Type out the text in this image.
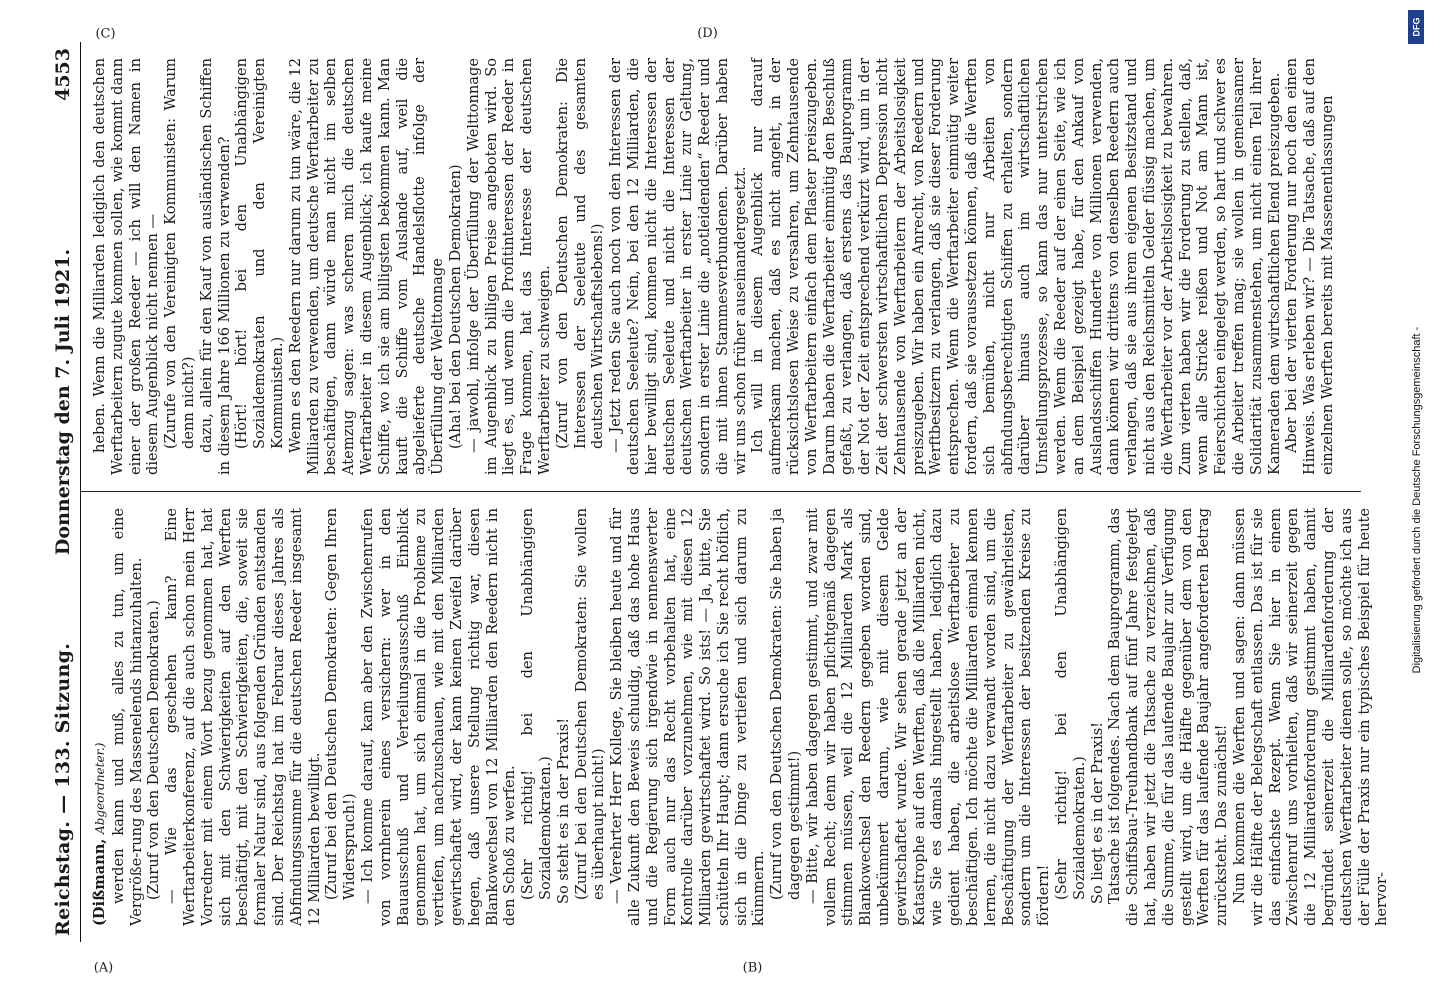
Reichstag. — 133. Sitzung.
Donnerstag den 7. Juli 1921.
4553

(Dißmann, Abgeordneter.) werden kann und muß, alles zu tun, um eine Vergröße-rung des Massenelends hintanzuhalten. (Zuruf von den Deutschen Demokraten.) — Wie das geschehen kann? Eine Werftarbeiterkonferenz, auf die auch schon mein Herr Vorredner mit einem Wort bezug genommen hat, hat sich mit den Schwierigkeiten auf den Werften beschäftigt, mit den Schwierigkeiten, die, soweit sie formaler Natur sind, aus folgenden Gründen entstanden sind. Der Reichstag hat im Februar dieses Jahres als Abfindungssumme für die deutschen Reeder insgesamt 12 Milliarden bewilligt. (Zuruf bei den Deutschen Demokraten: Gegen Ihren Widerspruch!) — Ich komme darauf, kam aber den Zwischenrufen von vornherein eines versichern: wer in den Bauausschuß und Verteilungsausschuß Einblick genommen hat, um sich einmal in die Probleme zu vertiefen, um nachzuschauen, wie mit den Milliarden gewirtschaftet wird, der kann keinen Zweifel darüber hegen, daß unsere Stellung richtig war, diesen Blankowechsel von 12 Milliarden den Reedern nicht in den Schoß zu werfen. (Sehr richtig! bei den Unabhängigen Sozialdemokraten.) So steht es in der Praxis! (Zuruf bei den Deutschen Demokraten: Sie wollen es überhaupt nicht!) — Verehrter Herr Kollege, Sie bleiben heute und für alle Zukunft den Beweis schuldig, daß das hohe Haus und die Regierung sich irgendwie in nennenswerter Form auch nur das Recht vorbehalten hat, eine Kontrolle darüber vorzunehmen, wie mit diesen 12 Milliarden gewirtschaftet wird. So ists! — Ja, bitte, Sie schütteln Ihr Haupt; dann ersuche ich Sie recht höflich, sich in die Dinge zu vertiefen und sich darum zu kümmern. (Zuruf von den Deutschen Demokraten: Sie haben ja dagegen gestimmt!) — Bitte, wir haben dagegen gestimmt, und zwar mit vollem Recht; denn wir haben pflichtgemäß dagegen stimmen müssen, weil die 12 Milliarden Mark als Blankowechsel den Reedern gegeben worden sind, unbekümmert darum, wie mit diesem Gelde gewirtschaftet wurde. Wir sehen gerade jetzt an der Katastrophe auf den Werften, daß die Milliarden nicht, wie Sie es damals hingestellt haben, lediglich dazu gedient haben, die arbeitslose Werftarbeiter zu beschäftigen. Ich möchte die Milliarden einmal kennen lernen, die nicht dazu verwandt worden sind, um die Beschäftigung der Werftarbeiter zu gewährleisten, sondern um die Interessen der besitzenden Kreise zu fördern! (Sehr richtig! bei den Unabhängigen Sozialdemokraten.) So liegt es in der Praxis! Tatsache ist folgendes. Nach dem Bauprogramm, das die Schiffsbau-Treuhandbank auf fünf Jahre festgelegt hat, haben wir jetzt die Tatsache zu verzeichnen, daß die Summe, die für das laufende Baujahr zur Verfügung gestellt wird, um die Hälfte gegenüber dem von den Werften für das laufende Baujahr angeforderten Betrag zurücksteht. Das zunächst! Nun kommen die Werften und sagen: dann müssen wir die Hälfte der Belegschaft entlassen. Das ist für sie das einfachste Rezept. Wenn Sie hier in einem Zwischenruf uns vorhielten, daß wir seinerzeit gegen die 12 Milliardenforderung gestimmt haben, damit begründet seinerzeit die Milliardenforderung der deutschen Werftarbeiter dienen solle, so möchte ich aus der Fülle der Praxis nur ein typisches Beispiel für heute hervor-

heben. Wenn die Milliarden lediglich den deutschen Werftarbeitern zugute kommen sollen, wie kommt dann einer der großen Reeder — ich will den Namen in diesem Augenblick nicht nennen — (Zurufe von den Vereinigten Kommunisten: Warum denn nicht?) dazu, allein für den Kauf von ausländischen Schiffen in diesem Jahre 166 Millionen zu verwenden? (Hört! hört! bei den Unabhängigen Sozialdemokraten und den Vereinigten Kommunisten.) Wenn es den Reedern nur darum zu tun wäre, die 12 Milliarden zu verwenden, um deutsche Werftarbeiter zu beschäftigen, dann würde man nicht im selben Atemzug sagen: was scheren mich die deutschen Werftarbeiter in diesem Augenblick; ich kaufe meine Schiffe, wo ich sie am billigsten bekommen kann. Man kauft die Schiffe vom Auslande auf, weil die abgelieferte deutsche Handelsflotte infolge der Überfüllung der Welttonnage (Aha! bei den Deutschen Demokraten) — jawohl, infolge der Überfüllung der Welttonnage im Augenblick zu billigen Preise angeboten wird. So liegt es, und wenn die Profitinteressen der Reeder in Frage kommen, hat das Interesse der deutschen Werftarbeiter zu schweigen. (Zuruf von den Deutschen Demokraten: Die Interessen der Seeleute und des gesamten deutschen Wirtschaftslebens!) — Jetzt reden Sie auch noch von den Interessen der deutschen Seeleute? Nein, bei den 12 Milliarden, die hier bewilligt sind, kommen nicht die Interessen der deutschen Seeleute und nicht die Interessen der deutschen Werftarbeiter in erster Linie zur Geltung, sondern in erster Linie die „notleidenden“ Reeder und die mit ihnen Stammesverbundenen. Darüber haben wir uns schon früher auseinandergesetzt. Ich will in diesem Augenblick nur darauf aufmerksam machen, daß es nicht angeht, in der rücksichtslosen Weise zu versahren, um Zehntausende von Werftarbeitern einfach dem Pflaster preiszugeben. Darum haben die Werftarbeiter einmütig den Beschluß gefaßt, zu verlangen, daß erstens das Bauprogramm der Not der Zeit entsprechend verkürzt wird, um in der Zeit der schwersten wirtschaftlichen Depression nicht Zehntausende von Werftarbeitern der Arbeitslosigkeit preiszugeben. Wir haben ein Anrecht, von Reedern und Werftbesitzern zu verlangen, daß sie dieser Forderung entsprechen. Wenn die Werftarbeiter einmütig weiter fordern, daß sie voraussetzen können, daß die Werften sich bemühen, nicht nur Arbeiten von abfindungsberechtigten Schiffen zu erhalten, sondern darüber hinaus auch im wirtschaftlichen Umstellungsprozesse, so kann das nur unterstrichen werden. Wenn die Reeder auf der einen Seite, wie ich an dem Beispiel gezeigt habe, für den Ankauf von Auslandsschiffen Hunderte von Millionen verwenden, dann können wir drittens von denselben Reedern auch verlangen, daß sie aus ihrem eigenen Besitzstand und nicht aus den Reichsmitteln Gelder flüssig machen, um die Werftarbeiter vor der Arbeitslosigkeit zu bewahren. Zum vierten haben wir die Forderung zu stellen, daß, wenn alle Stricke reißen und Not am Mann ist, Feierschichten eingelegt werden, so hart und schwer es die Arbeiter treffen mag; sie wollen in gemeinsamer Solidarität zusammenstehen, um nicht einen Teil ihrer Kameraden dem wirtschaftlichen Elend preiszugeben. Aber bei der vierten Forderung nur noch den einen Hinweis. Was erleben wir? — Die Tatsache, daß auf den einzelnen Werften bereits mit Massenentlassungen

(A)	(B)
(C)	(D)	DFG
Digitalisierung gefördert durch die Deutsche Forschungsgemeinschaft -
